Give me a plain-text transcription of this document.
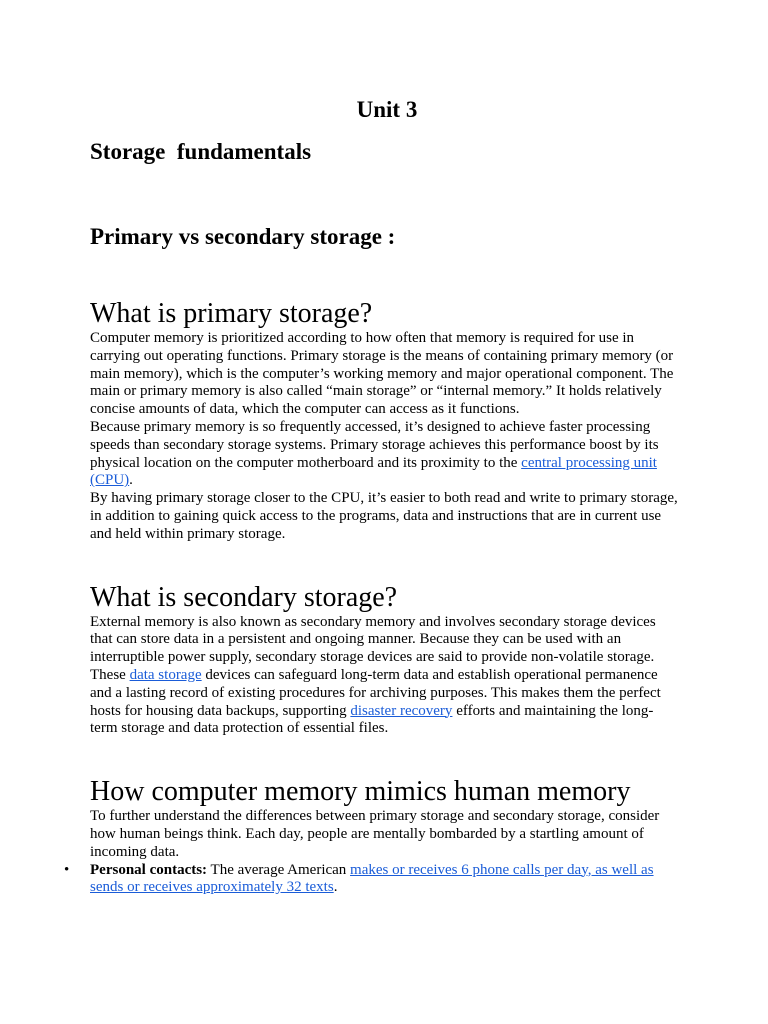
Unit 3
Storage  fundamentals
Primary vs secondary storage :
What is primary storage?

Computer memory is prioritized according to how often that memory is required for use in carrying out operating functions. Primary storage is the means of containing primary memory (or main memory), which is the computer’s working memory and major operational component. The main or primary memory is also called “main storage” or “internal memory.” It holds relatively concise amounts of data, which the computer can access as it functions.

Because primary memory is so frequently accessed, it’s designed to achieve faster processing speeds than secondary storage systems. Primary storage achieves this performance boost by its physical location on the computer motherboard and its proximity to the central processing unit (CPU).

By having primary storage closer to the CPU, it’s easier to both read and write to primary storage, in addition to gaining quick access to the programs, data and instructions that are in current use and held within primary storage.

What is secondary storage?

External memory is also known as secondary memory and involves secondary storage devices that can store data in a persistent and ongoing manner. Because they can be used with an interruptible power supply, secondary storage devices are said to provide non-volatile storage. These data storage devices can safeguard long-term data and establish operational permanence and a lasting record of existing procedures for archiving purposes. This makes them the perfect hosts for housing data backups, supporting disaster recovery efforts and maintaining the long-term storage and data protection of essential files.

How computer memory mimics human memory

To further understand the differences between primary storage and secondary storage, consider how human beings think. Each day, people are mentally bombarded by a startling amount of incoming data.

• Personal contacts: The average American makes or receives 6 phone calls per day, as well as sends or receives approximately 32 texts.
